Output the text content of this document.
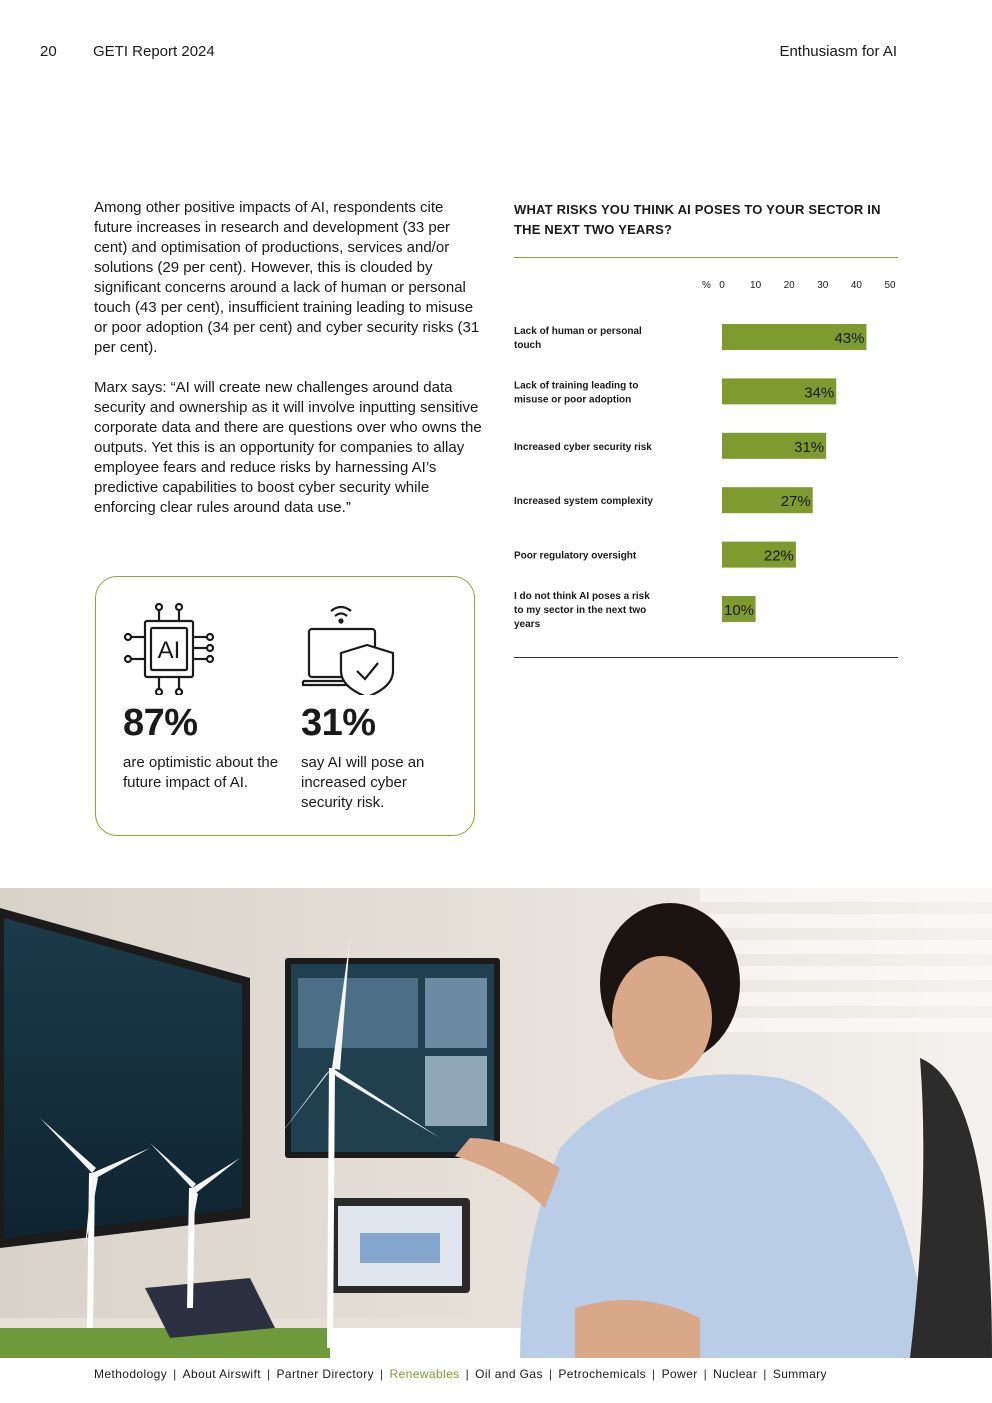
20 GETI Report 2024	Enthusiasm for AI

Among other positive impacts of AI, respondents cite future increases in research and development (33 per cent) and optimisation of productions, services and/or solutions (29 per cent). However, this is clouded by significant concerns around a lack of human or personal touch (43 per cent), insufficient training leading to misuse or poor adoption (34 per cent) and cyber security risks (31 per cent).

Marx says: “AI will create new challenges around data security and ownership as it will involve inputting sensitive corporate data and there are questions over who owns the outputs. Yet this is an opportunity for companies to allay employee fears and reduce risks by harnessing AI’s predictive capabilities to boost cyber security while enforcing clear rules around data use.”

AI
87%
are optimistic about the future impact of AI.
31%
say AI will pose an increased cyber security risk.
WHAT RISKS YOU THINK AI POSES TO YOUR SECTOR IN THE NEXT TWO YEARS?
% 0	10 20 30 40 50
Lack of human or personal touch	43%
Lack of training leading to misuse or poor adoption	34%
Increased cyber security risk	31%
Increased system complexity	27%
Poor regulatory oversight	22%
I do not think AI poses a risk to my sector in the next two years
10%
Methodology | About Airswift | Partner Directory | Renewables | Oil and Gas | Petrochemicals | Power | Nuclear | Summary
